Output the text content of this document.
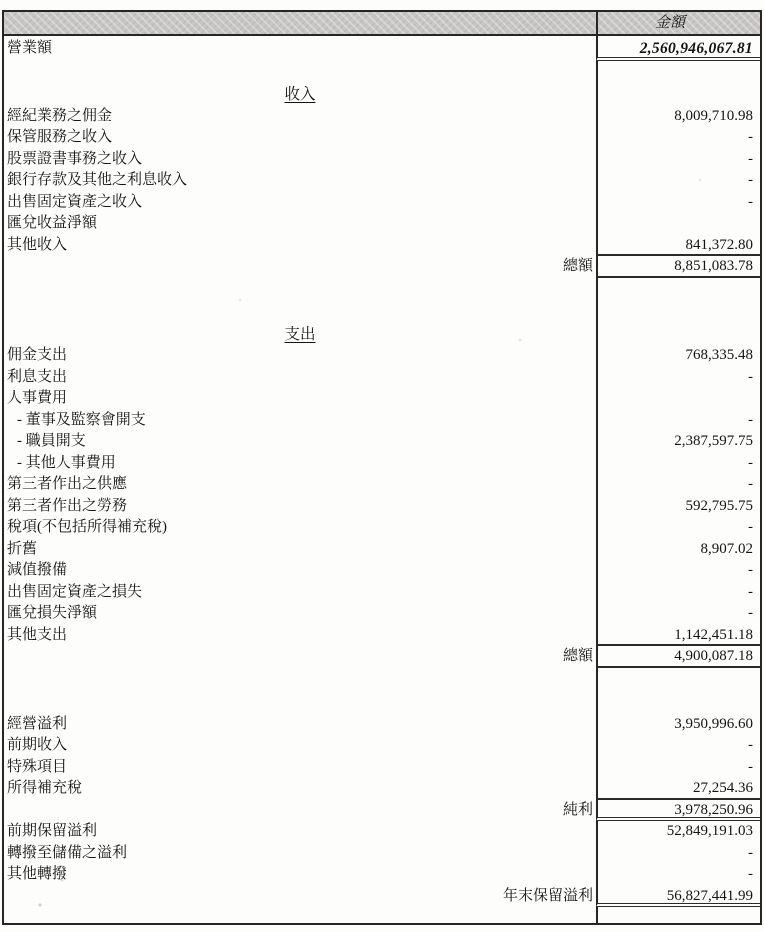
金額
營業額	2,560,946,067.81
收入
經紀業務之佣金	8,009,710.98
保管服務之收入	-
股票證書事務之收入	-
銀行存款及其他之利息收入	-
出售固定資產之收入	-
匯兌收益淨額
其他收入	841,372.80
總額	8,851,083.78
支出
佣金支出	768,335.48
利息支出	-
人事費用
- 董事及監察會開支	-
- 職員開支	2,387,597.75
- 其他人事費用	-
第三者作出之供應	-
第三者作出之勞務	592,795.75
稅項(不包括所得補充稅)	-
折舊	8,907.02
減值撥備	-
出售固定資產之損失	-
匯兌損失淨額	-
其他支出	1,142,451.18
總額	4,900,087.18
經營溢利	3,950,996.60
前期收入	-
特殊項目	-
所得補充稅	27,254.36
純利	3,978,250.96
前期保留溢利	52,849,191.03
轉撥至儲備之溢利	-
其他轉撥	-
年末保留溢利	56,827,441.99
